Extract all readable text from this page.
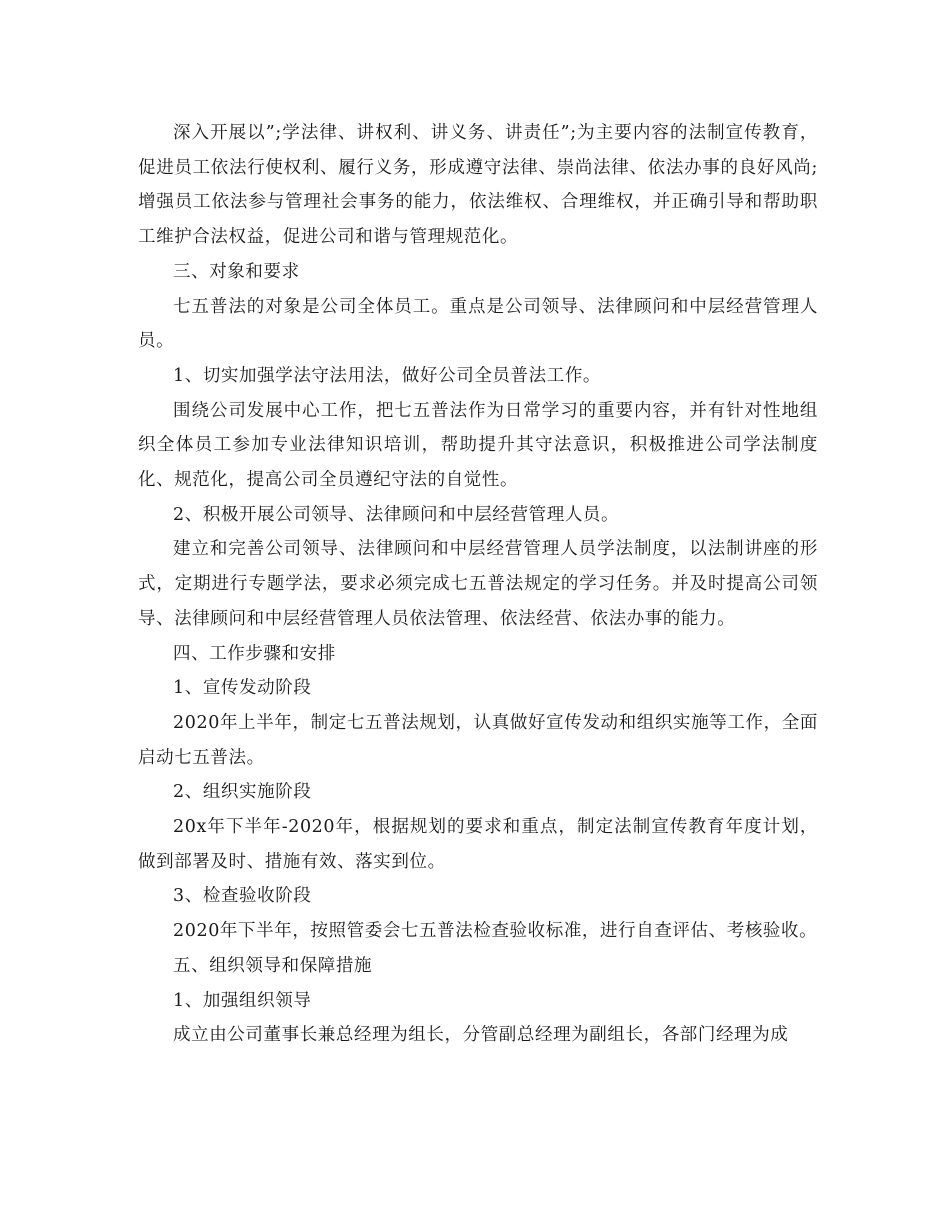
深入开展以”;学法律、讲权利、讲义务、讲责任”;为主要内容的法制宣传教育，促进员工依法行使权利、履行义务，形成遵守法律、崇尚法律、依法办事的良好风尚;增强员工依法参与管理社会事务的能力，依法维权、合理维权，并正确引导和帮助职工维护合法权益，促进公司和谐与管理规范化。

三、对象和要求

七五普法的对象是公司全体员工。重点是公司领导、法律顾问和中层经营管理人员。

1、切实加强学法守法用法，做好公司全员普法工作。

围绕公司发展中心工作，把七五普法作为日常学习的重要内容，并有针对性地组织全体员工参加专业法律知识培训，帮助提升其守法意识，积极推进公司学法制度化、规范化，提高公司全员遵纪守法的自觉性。

2、积极开展公司领导、法律顾问和中层经营管理人员。

建立和完善公司领导、法律顾问和中层经营管理人员学法制度，以法制讲座的形式，定期进行专题学法，要求必须完成七五普法规定的学习任务。并及时提高公司领导、法律顾问和中层经营管理人员依法管理、依法经营、依法办事的能力。

四、工作步骤和安排

1、宣传发动阶段

2020年上半年，制定七五普法规划，认真做好宣传发动和组织实施等工作，全面启动七五普法。

2、组织实施阶段

20x年下半年-2020年，根据规划的要求和重点，制定法制宣传教育年度计划，做到部署及时、措施有效、落实到位。

3、检查验收阶段

2020年下半年，按照管委会七五普法检查验收标准，进行自查评估、考核验收。

五、组织领导和保障措施

1、加强组织领导

成立由公司董事长兼总经理为组长，分管副总经理为副组长，各部门经理为成
